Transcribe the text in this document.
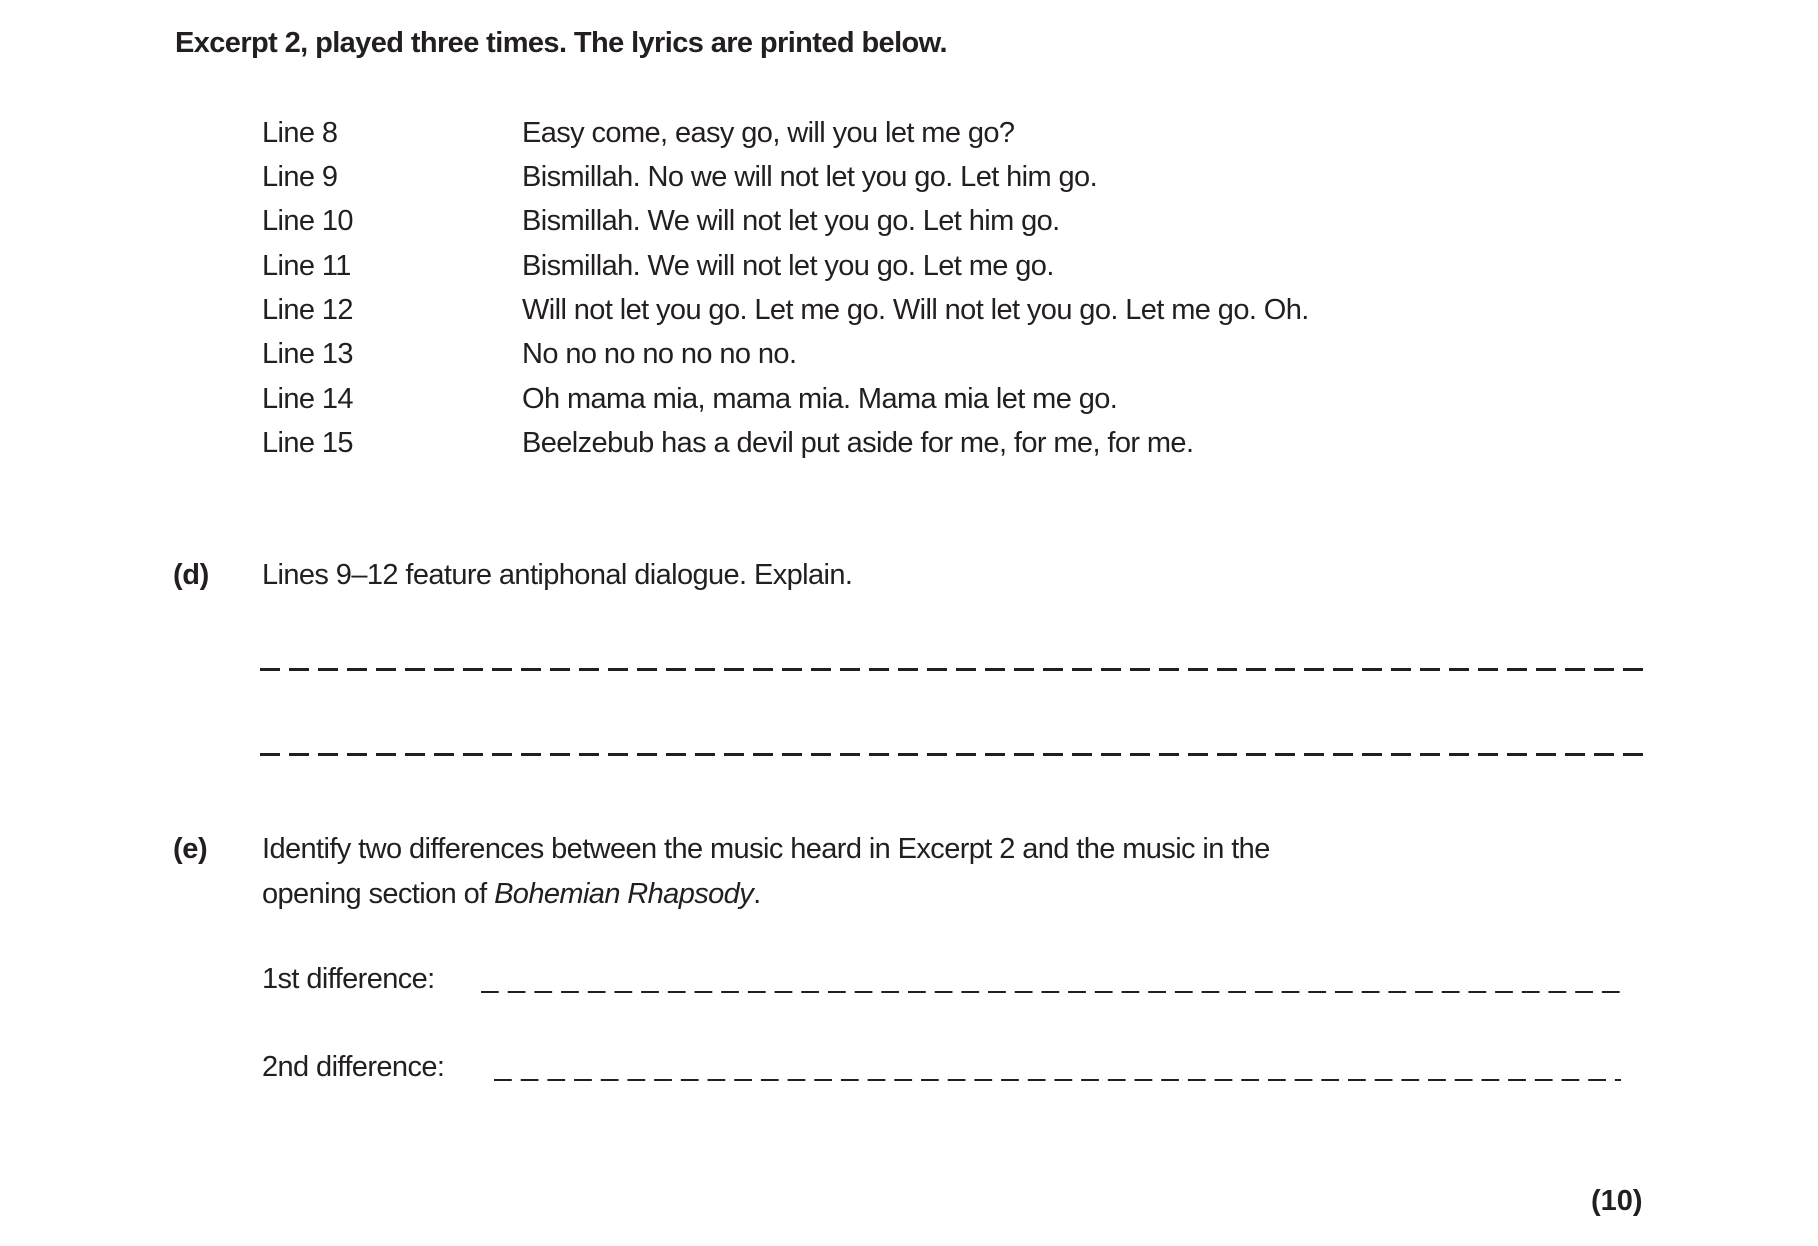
Excerpt 2, played three times. The lyrics are printed below.
Line 8	Easy come, easy go, will you let me go?
Line 9	Bismillah. No we will not let you go. Let him go.
Line 10	Bismillah. We will not let you go. Let him go.
Line 11	Bismillah. We will not let you go. Let me go.
Line 12	Will not let you go. Let me go. Will not let you go. Let me go. Oh.
Line 13	No no no no no no no.
Line 14	Oh mama mia, mama mia. Mama mia let me go.
Line 15	Beelzebub has a devil put aside for me, for me, for me.
(d) Lines 9–12 feature antiphonal dialogue. Explain.
(e) Identify two differences between the music heard in Excerpt 2 and the music in the
opening section of Bohemian Rhapsody.
1st difference:
2nd difference:
(10)
